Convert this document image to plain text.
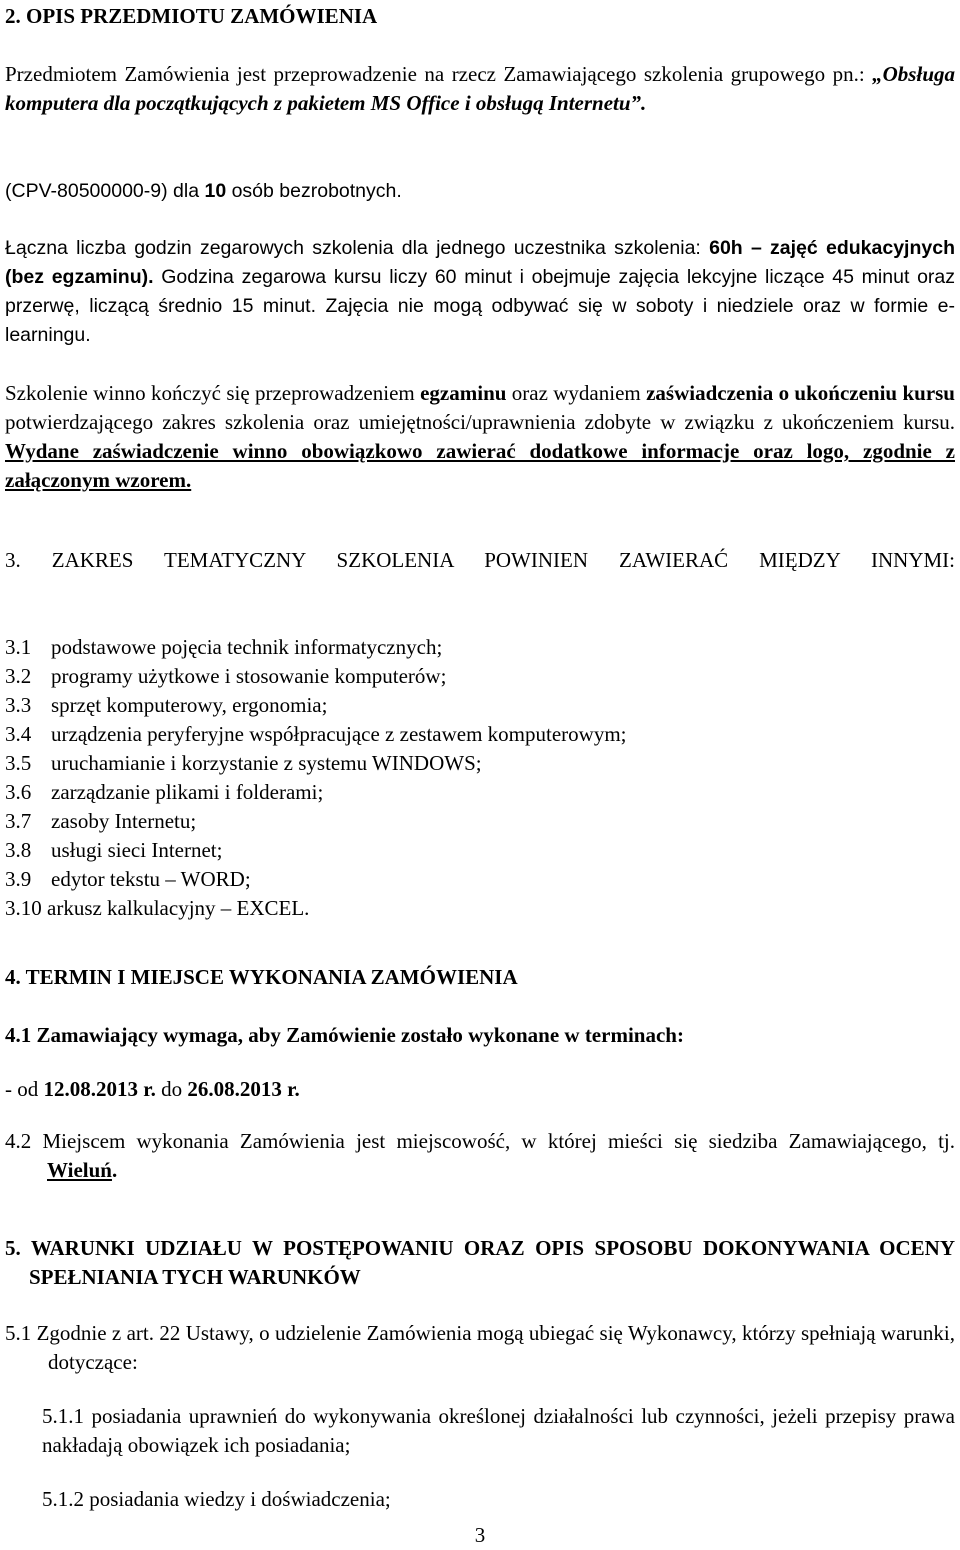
2. OPIS PRZEDMIOTU ZAMÓWIENIA

Przedmiotem Zamówienia jest przeprowadzenie na rzecz Zamawiającego szkolenia grupowego pn.: „Obsługa komputera dla początkujących z pakietem MS Office i obsługą Internetu”.

(CPV-80500000-9) dla 10 osób bezrobotnych.

Łączna liczba godzin zegarowych szkolenia dla jednego uczestnika szkolenia: 60h – zajęć edukacyjnych (bez egzaminu). Godzina zegarowa kursu liczy 60 minut i obejmuje zajęcia lekcyjne liczące 45 minut oraz przerwę, liczącą średnio 15 minut. Zajęcia nie mogą odbywać się w soboty i niedziele oraz w formie e-learningu.

Szkolenie winno kończyć się przeprowadzeniem egzaminu oraz wydaniem zaświadczenia o ukończeniu kursu potwierdzającego zakres szkolenia oraz umiejętności/uprawnienia zdobyte w związku z ukończeniem kursu. Wydane zaświadczenie winno obowiązkowo zawierać dodatkowe informacje oraz logo, zgodnie z załączonym wzorem.

3. ZAKRES TEMATYCZNY SZKOLENIA POWINIEN ZAWIERAĆ MIĘDZY INNYMI:
3.1 podstawowe pojęcia technik informatycznych;
3.2 programy użytkowe i stosowanie komputerów;
3.3 sprzęt komputerowy, ergonomia;
3.4 urządzenia peryferyjne współpracujące z zestawem komputerowym;
3.5 uruchamianie i korzystanie z systemu WINDOWS;
3.6 zarządzanie plikami i folderami;
3.7 zasoby Internetu;
3.8 usługi sieci Internet;
3.9 edytor tekstu – WORD;
3.10 arkusz kalkulacyjny – EXCEL.
4. TERMIN I MIEJSCE WYKONANIA ZAMÓWIENIA

4.1 Zamawiający wymaga, aby Zamówienie zostało wykonane w terminach:

- od 12.08.2013 r. do 26.08.2013 r.

4.2 Miejscem wykonania Zamówienia jest miejscowość, w której mieści się siedziba Zamawiającego, tj. Wieluń.

5. WARUNKI UDZIAŁU W POSTĘPOWANIU ORAZ OPIS SPOSOBU DOKONYWANIA OCENY SPEŁNIANIA TYCH WARUNKÓW

5.1 Zgodnie z art. 22 Ustawy, o udzielenie Zamówienia mogą ubiegać się Wykonawcy, którzy spełniają warunki, dotyczące:

5.1.1 posiadania uprawnień do wykonywania określonej działalności lub czynności, jeżeli przepisy prawa nakładają obowiązek ich posiadania;

5.1.2 posiadania wiedzy i doświadczenia;

3
